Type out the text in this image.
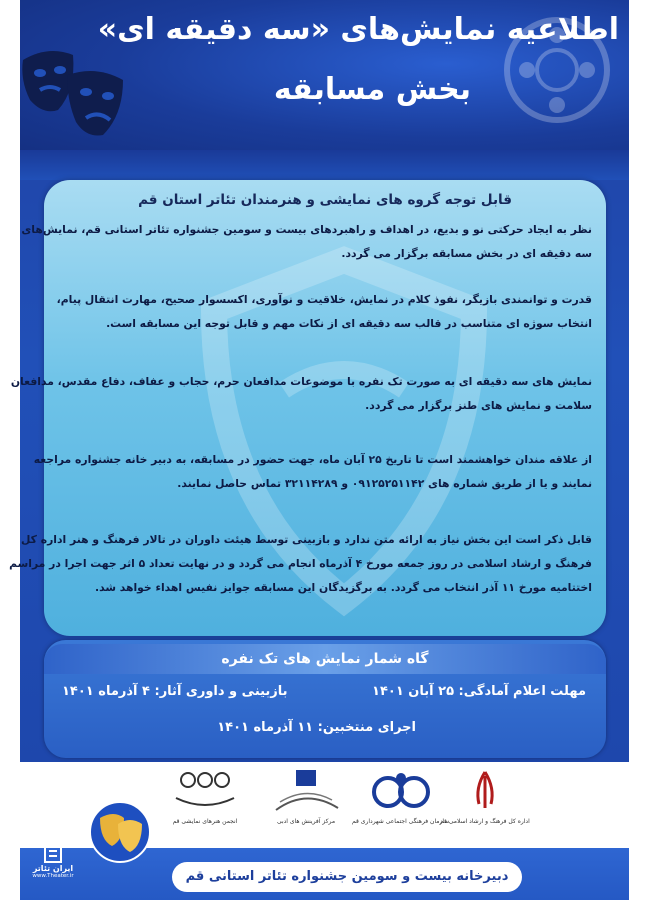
اطلاعیه نمایش‌های «سه دقیقه ای»
بخش مسابقه
قابل توجه گروه های نمایشی و هنرمندان تئاتر استان قم
نظر به ایجاد حرکتی نو و بدیع، در اهداف و راهبردهای بیست و سومین جشنواره تئاتر استانی قم، نمایش‌های
سه دقیقه ای در بخش مسابقه برگزار می گردد.
قدرت و توانمندی بازیگر، نفوذ کلام در نمایش، خلاقیت و نوآوری، اکسسوار صحیح، مهارت انتقال پیام،
انتخاب سوژه ای متناسب در قالب سه دقیقه ای از نکات مهم و قابل توجه این مسابقه است.
نمایش های سه دقیقه ای به صورت تک نفره با موضوعات مدافعان حرم، حجاب و عفاف، دفاع مقدس، مدافعان
سلامت و نمایش های طنز برگزار می گردد.
از علاقه مندان خواهشمند است تا تاریخ ۲۵ آبان ماه، جهت حضور در مسابقه، به دبیر خانه جشنواره مراجعه
نمایند و یا از طریق شماره های ۰۹۱۲۵۲۵۱۱۴۲ و ۳۲۱۱۴۲۸۹ تماس حاصل نمایند.
قابل ذکر است این بخش نیاز به ارائه متن ندارد و بازبینی توسط هیئت داوران در تالار فرهنگ و هنر اداره کل
فرهنگ و ارشاد اسلامی در روز جمعه مورخ ۴ آذرماه انجام می گردد و در نهایت تعداد ۵ اثر جهت اجرا در مراسم
اختتامیه مورخ ۱۱ آذر انتخاب می گردد. به برگزیدگان این مسابقه جوایز نفیس اهداء خواهد شد.
گاه شمار نمایش های تک نفره
مهلت اعلام آمادگی: ۲۵ آبان ۱۴۰۱
بازبینی و داوری آثار: ۴ آذرماه ۱۴۰۱
اجرای منتخبین: ۱۱ آذرماه ۱۴۰۱
انجمن هنرهای نمایشی قم	مرکز آفرینش های ادبی	سازمان فرهنگی اجتماعی شهرداری قم
اداره کل فرهنگ و ارشاد اسلامی قم
دبیرخانه بیست و سومین جشنواره تئاتر استانی قم
ایران تئاتر
www.Theater.ir
